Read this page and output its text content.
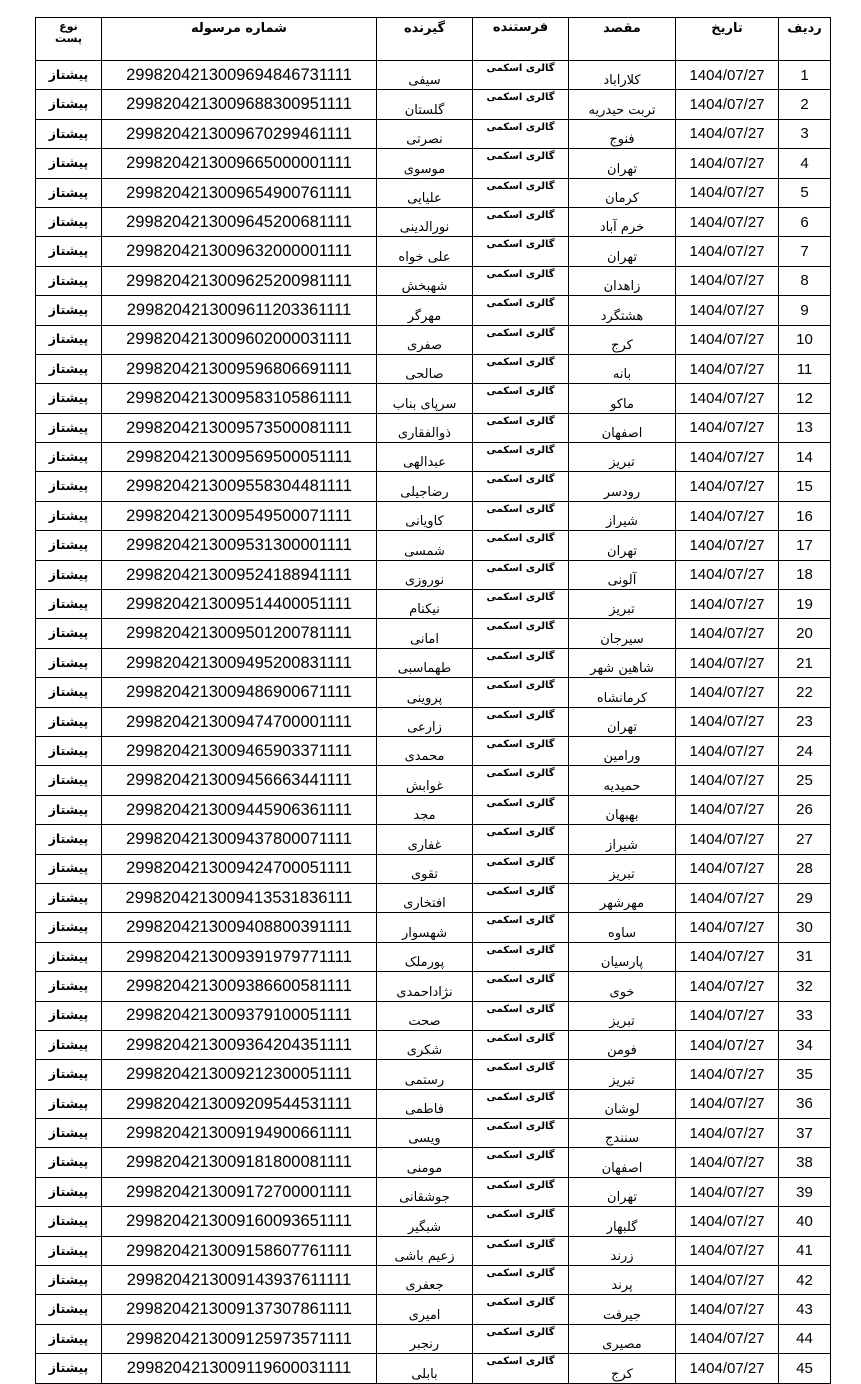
ردیف	تاریخ	مقصد	فرستنده	گیرنده	شماره مرسوله	نوع
پست

1	1404/07/27	کلاراباد	گالری اسکمی	سیفی	2998204213009694846731111	پیشتاز
2	1404/07/27	تربت حیدریه	گالری اسکمی	گلستان	2998204213009688300951111	پیشتاز
3	1404/07/27	فنوج	گالری اسکمی	نصرتی	2998204213009670299461111	پیشتاز
4	1404/07/27	تهران	گالری اسکمی	موسوی	2998204213009665000001111	پیشتاز
5	1404/07/27	کرمان	گالری اسکمی	علیایی	2998204213009654900761111	پیشتاز
6	1404/07/27	خرم آباد	گالری اسکمی	نورالدینی	2998204213009645200681111	پیشتاز
7	1404/07/27	تهران	گالری اسکمی	علی خواه	2998204213009632000001111	پیشتاز
8	1404/07/27	زاهدان	گالری اسکمی	شهبخش	2998204213009625200981111	پیشتاز
9	1404/07/27	هشتگرد	گالری اسکمی	مهرگر	2998204213009611203361111	پیشتاز
10	1404/07/27	کرج	گالری اسکمی	صفری	2998204213009602000031111	پیشتاز
11	1404/07/27	بانه	گالری اسکمی	صالحی	2998204213009596806691111	پیشتاز
12	1404/07/27	ماکو	گالری اسکمی	سرپای بناب	2998204213009583105861111	پیشتاز
13	1404/07/27	اصفهان	گالری اسکمی	ذوالفقاری	2998204213009573500081111	پیشتاز
14	1404/07/27	تبریز	گالری اسکمی	عبدالهی	2998204213009569500051111	پیشتاز
15	1404/07/27	رودسر	گالری اسکمی	رضاجیلی	2998204213009558304481111	پیشتاز
16	1404/07/27	شیراز	گالری اسکمی	کاویانی	2998204213009549500071111	پیشتاز
17	1404/07/27	تهران	گالری اسکمی	شمسی	2998204213009531300001111	پیشتاز
18	1404/07/27	آلونی	گالری اسکمی	نوروزی	2998204213009524188941111	پیشتاز
19	1404/07/27	تبریز	گالری اسکمی	نیکنام	2998204213009514400051111	پیشتاز
20	1404/07/27	سیرجان	گالری اسکمی	امانی	2998204213009501200781111	پیشتاز
21	1404/07/27	شاهین شهر	گالری اسکمی	طهماسبی	2998204213009495200831111	پیشتاز
22	1404/07/27	کرمانشاه	گالری اسکمی	پروینی	2998204213009486900671111	پیشتاز
23	1404/07/27	تهران	گالری اسکمی	زارعی	2998204213009474700001111	پیشتاز
24	1404/07/27	ورامین	گالری اسکمی	محمدی	2998204213009465903371111	پیشتاز
25	1404/07/27	حمیدیه	گالری اسکمی	غوابش	2998204213009456663441111	پیشتاز
26	1404/07/27	بهبهان	گالری اسکمی	مجد	2998204213009445906361111	پیشتاز
27	1404/07/27	شیراز	گالری اسکمی	غفاری	2998204213009437800071111	پیشتاز
28	1404/07/27	تبریز	گالری اسکمی	تقوی	2998204213009424700051111	پیشتاز
29	1404/07/27	مهرشهر	گالری اسکمی	افتخاری	2998204213009413531836111	پیشتاز
30	1404/07/27	ساوه	گالری اسکمی	شهسوار	2998204213009408800391111	پیشتاز
31	1404/07/27	پارسیان	گالری اسکمی	پورملک	2998204213009391979771111	پیشتاز
32	1404/07/27	خوی	گالری اسکمی	نژاداحمدی	2998204213009386600581111	پیشتاز
33	1404/07/27	تبریز	گالری اسکمی	صحت	2998204213009379100051111	پیشتاز
34	1404/07/27	فومن	گالری اسکمی	شکری	2998204213009364204351111	پیشتاز
35	1404/07/27	تبریز	گالری اسکمی	رستمی	2998204213009212300051111	پیشتاز
36	1404/07/27	لوشان	گالری اسکمی	فاطمی	2998204213009209544531111	پیشتاز
37	1404/07/27	سنندج	گالری اسکمی	ویسی	2998204213009194900661111	پیشتاز
38	1404/07/27	اصفهان	گالری اسکمی	مومنی	2998204213009181800081111	پیشتاز
39	1404/07/27	تهران	گالری اسکمی	جوشقانی	2998204213009172700001111	پیشتاز
40	1404/07/27	گلبهار	گالری اسکمی	شبگیر	2998204213009160093651111	پیشتاز
41	1404/07/27	زرند	گالری اسکمی	زعیم باشی	2998204213009158607761111	پیشتاز
42	1404/07/27	پرند	گالری اسکمی	جعفری	2998204213009143937611111	پیشتاز
43	1404/07/27	جیرفت	گالری اسکمی	امیری	2998204213009137307861111	پیشتاز
44	1404/07/27	مصیری	گالری اسکمی	رنجبر	2998204213009125973571111	پیشتاز
45	1404/07/27	کرج	گالری اسکمی	بابلی	2998204213009119600031111	پیشتاز
